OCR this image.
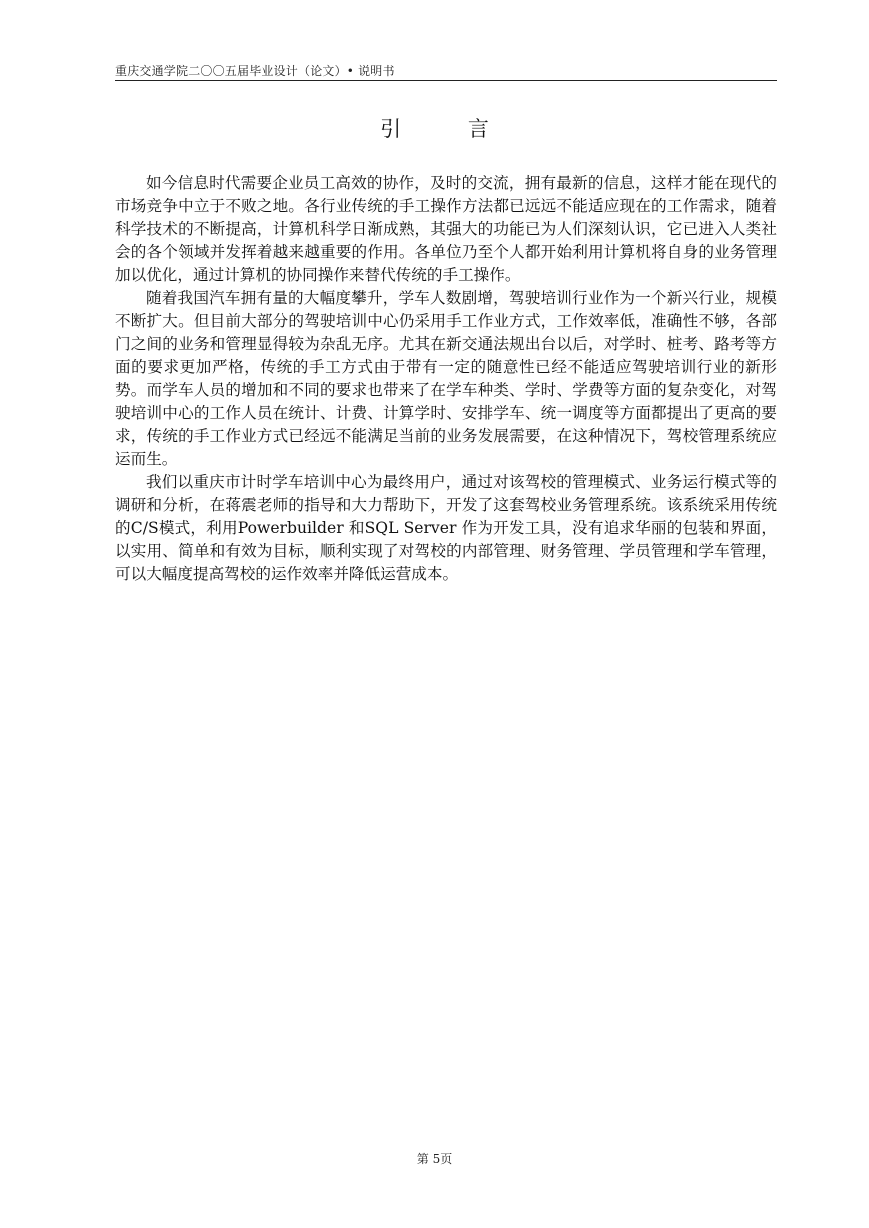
重庆交通学院二〇〇五届毕业设计（论文）• 说明书
引 言

如今信息时代需要企业员工高效的协作，及时的交流，拥有最新的信息，这样才能在现代的市场竞争中立于不败之地。各行业传统的手工操作方法都已远远不能适应现在的工作需求，随着科学技术的不断提高，计算机科学日渐成熟，其强大的功能已为人们深刻认识，它已进入人类社会的各个领域并发挥着越来越重要的作用。各单位乃至个人都开始利用计算机将自身的业务管理加以优化，通过计算机的协同操作来替代传统的手工操作。

随着我国汽车拥有量的大幅度攀升，学车人数剧增，驾驶培训行业作为一个新兴行业，规模不断扩大。但目前大部分的驾驶培训中心仍采用手工作业方式，工作效率低，准确性不够，各部门之间的业务和管理显得较为杂乱无序。尤其在新交通法规出台以后，对学时、桩考、路考等方面的要求更加严格，传统的手工方式由于带有一定的随意性已经不能适应驾驶培训行业的新形势。而学车人员的增加和不同的要求也带来了在学车种类、学时、学费等方面的复杂变化，对驾驶培训中心的工作人员在统计、计费、计算学时、安排学车、统一调度等方面都提出了更高的要求，传统的手工作业方式已经远不能满足当前的业务发展需要，在这种情况下，驾校管理系统应运而生。

我们以重庆市计时学车培训中心为最终用户，通过对该驾校的管理模式、业务运行模式等的调研和分析，在蒋震老师的指导和大力帮助下，开发了这套驾校业务管理系统。该系统采用传统的C/S模式，利用Powerbuilder 和SQL Server 作为开发工具，没有追求华丽的包装和界面，以实用、简单和有效为目标，顺利实现了对驾校的内部管理、财务管理、学员管理和学车管理，可以大幅度提高驾校的运作效率并降低运营成本。

第 5页
